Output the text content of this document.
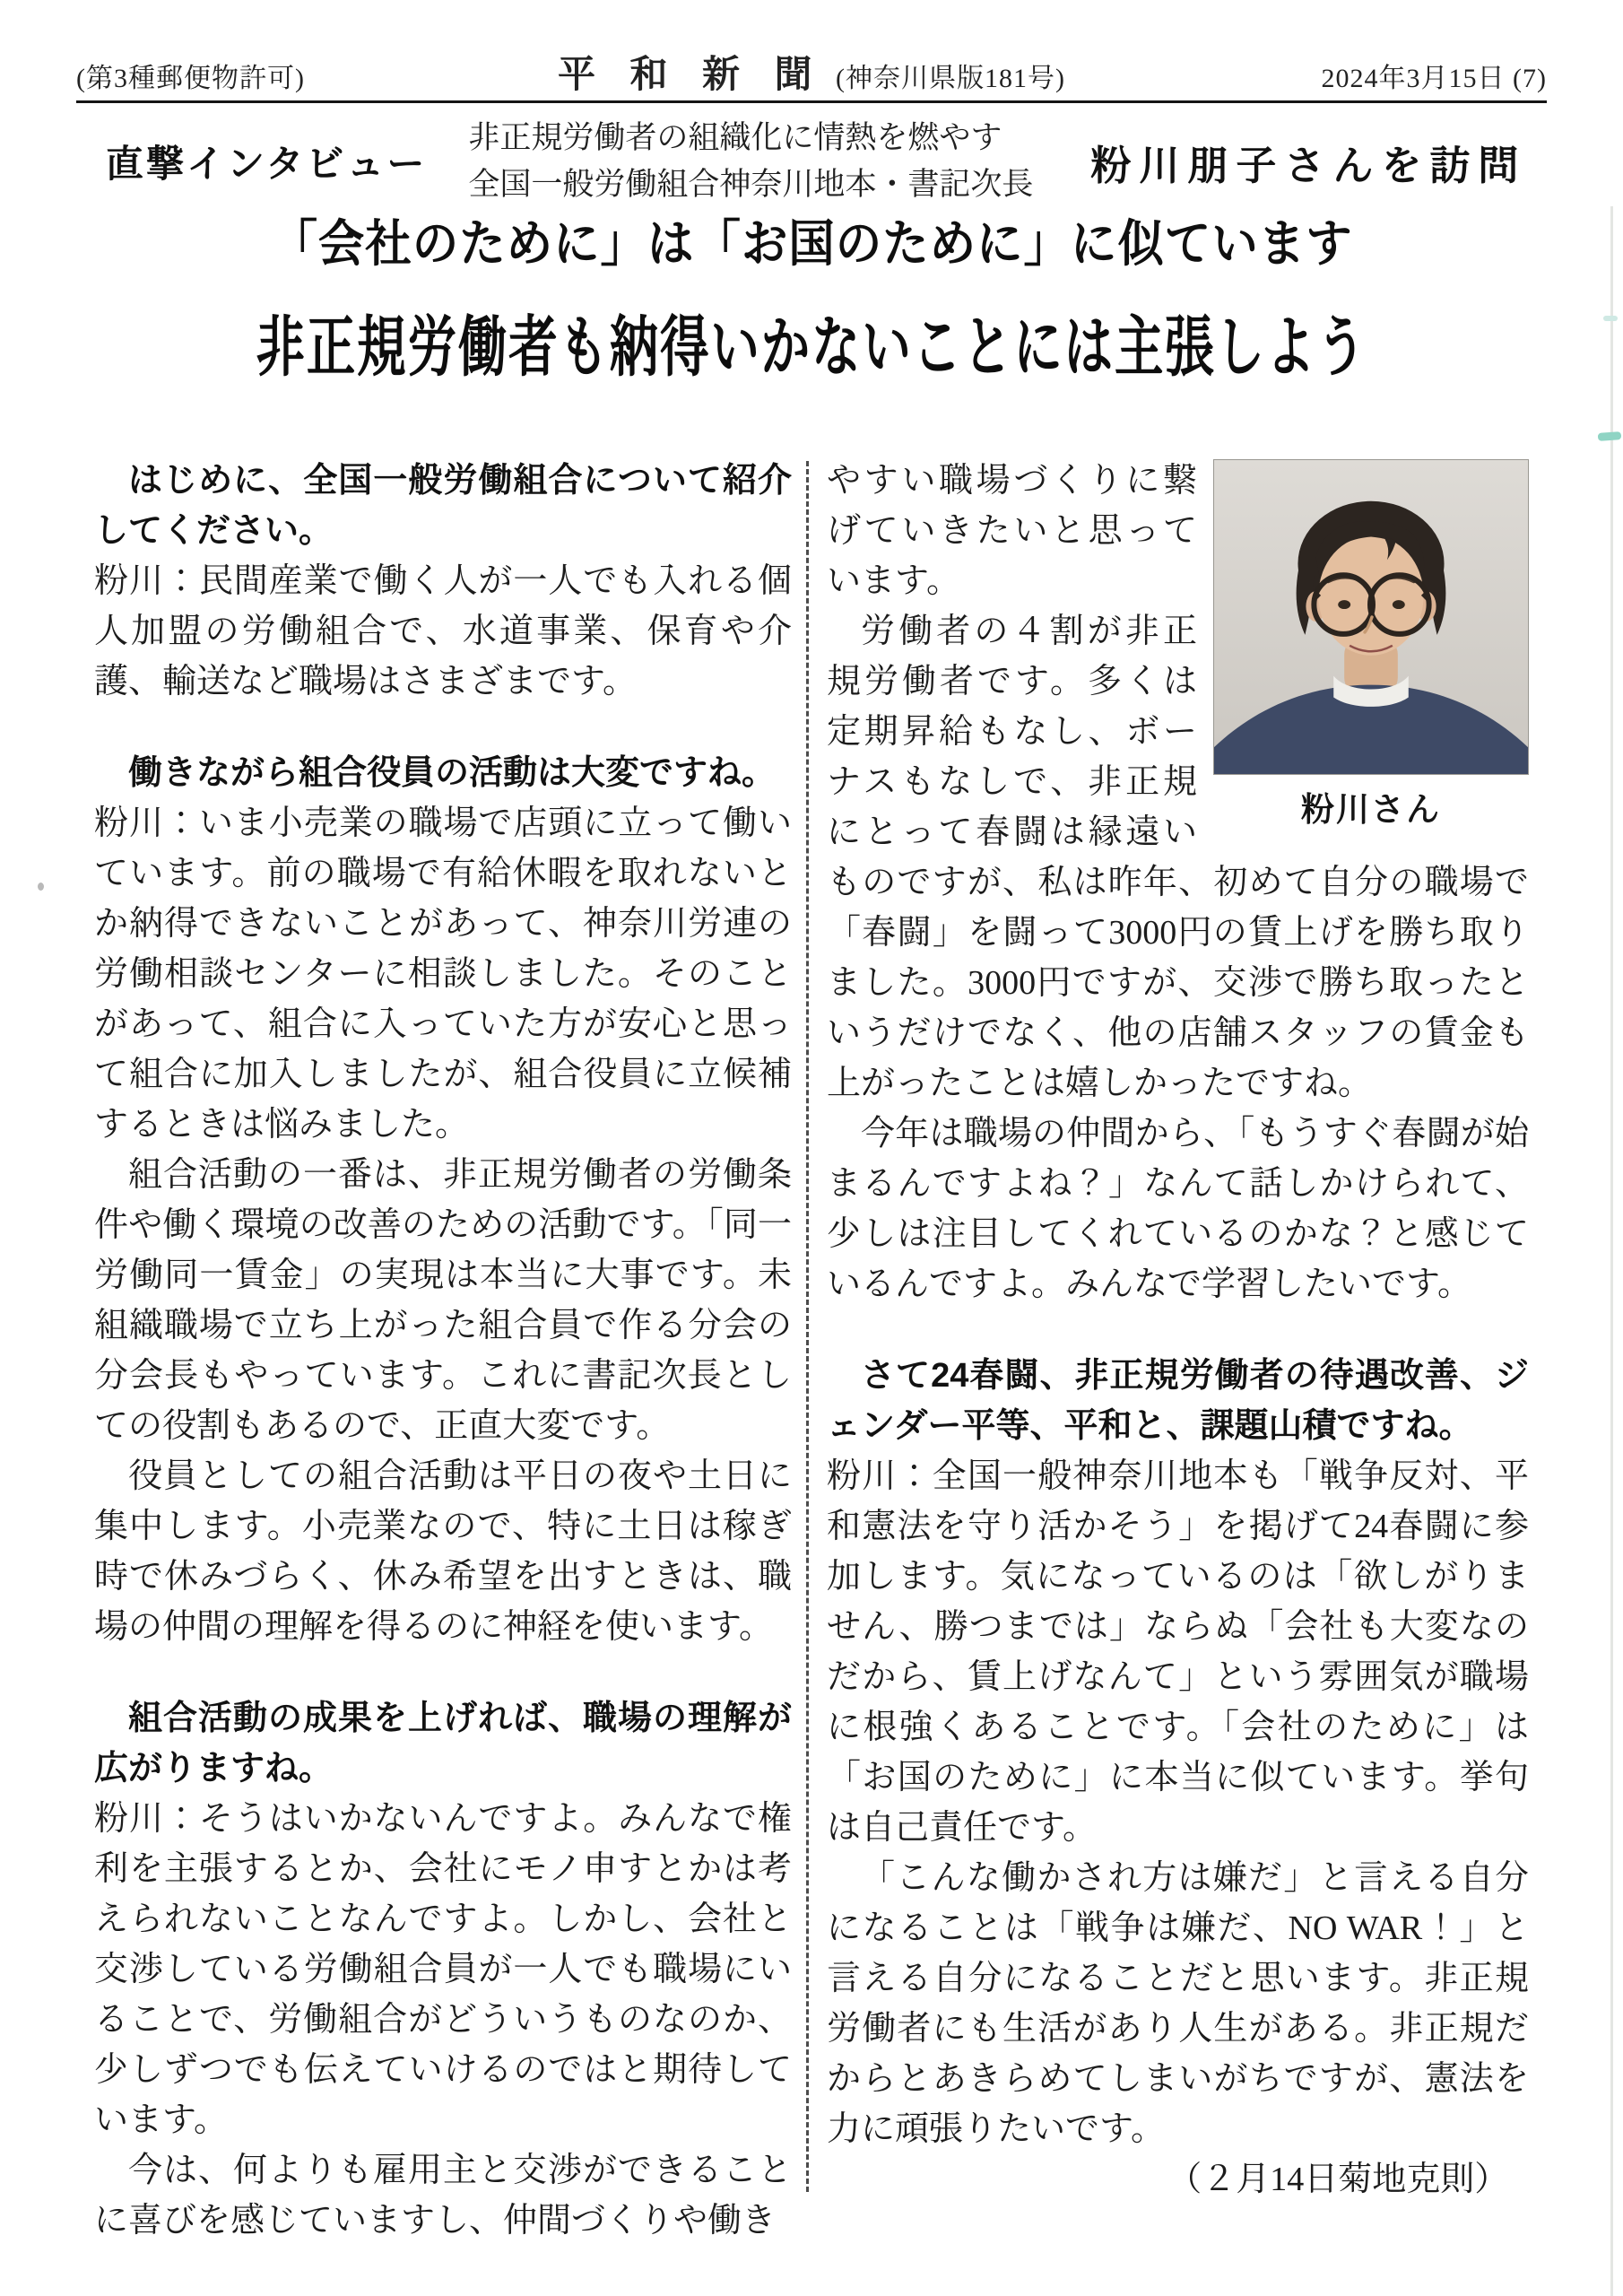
(第3種郵便物許可)	平 和 新 聞 (神奈川県版181号)	2024年3月15日 (7)
直撃インタビュー
非正規労働者の組織化に情熱を燃やす
全国一般労働組合神奈川地本・書記次長 粉川朋子さんを訪問
「会社のために」は「お国のために」に似ています
非正規労働者も納得いかないことには主張しよう

はじめに、全国一般労働組合について紹介してください。

粉川：民間産業で働く人が一人でも入れる個人加盟の労働組合で、水道事業、保育や介護、輸送など職場はさまざまです。

働きながら組合役員の活動は大変ですね。

粉川：いま小売業の職場で店頭に立って働いています。前の職場で有給休暇を取れないとか納得できないことがあって、神奈川労連の労働相談センターに相談しました。そのことがあって、組合に入っていた方が安心と思って組合に加入しましたが、組合役員に立候補するときは悩みました。

組合活動の一番は、非正規労働者の労働条件や働く環境の改善のための活動です。「同一労働同一賃金」の実現は本当に大事です。未組織職場で立ち上がった組合員で作る分会の分会長もやっています。これに書記次長としての役割もあるので、正直大変です。

役員としての組合活動は平日の夜や土日に集中します。小売業なので、特に土日は稼ぎ時で休みづらく、休み希望を出すときは、職場の仲間の理解を得るのに神経を使います。

組合活動の成果を上げれば、職場の理解が広がりますね。

粉川：そうはいかないんですよ。みんなで権利を主張するとか、会社にモノ申すとかは考えられないことなんですよ。しかし、会社と交渉している労働組合員が一人でも職場にいることで、労働組合がどういうものなのか、少しずつでも伝えていけるのではと期待しています。

今は、何よりも雇用主と交渉ができることに喜びを感じていますし、仲間づくりや働き

粉川さん

やすい職場づくりに繋げていきたいと思っています。

労働者の４割が非正規労働者です。多くは定期昇給もなし、ボーナスもなしで、非正規にとって春闘は縁遠いものですが、私は昨年、初めて自分の職場で「春闘」を闘って3000円の賃上げを勝ち取りました。3000円ですが、交渉で勝ち取ったというだけでなく、他の店舗スタッフの賃金も上がったことは嬉しかったですね。

今年は職場の仲間から、「もうすぐ春闘が始まるんですよね？」なんて話しかけられて、少しは注目してくれているのかな？と感じているんですよ。みんなで学習したいです。

さて24春闘、非正規労働者の待遇改善、ジェンダー平等、平和と、課題山積ですね。

粉川：全国一般神奈川地本も「戦争反対、平和憲法を守り活かそう」を掲げて24春闘に参加します。気になっているのは「欲しがりません、勝つまでは」ならぬ「会社も大変なのだから、賃上げなんて」という雰囲気が職場に根強くあることです。「会社のために」は「お国のために」に本当に似ています。挙句は自己責任です。

「こんな働かされ方は嫌だ」と言える自分になることは「戦争は嫌だ、NO WAR！」と言える自分になることだと思います。非正規労働者にも生活があり人生がある。非正規だからとあきらめてしまいがちですが、憲法を力に頑張りたいです。

（２月14日菊地克則）
